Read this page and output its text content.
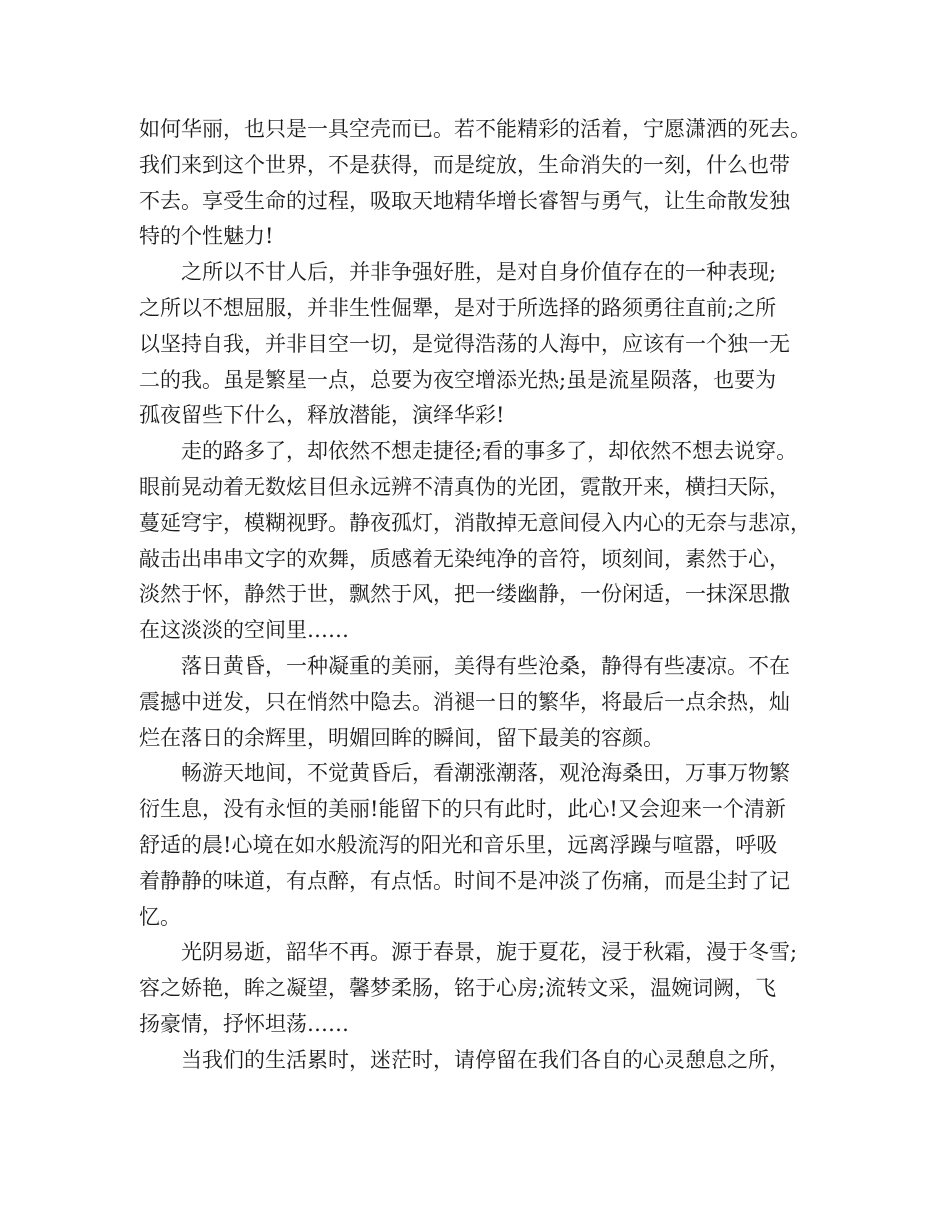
如何华丽，也只是一具空壳而已。若不能精彩的活着，宁愿潇洒的死去。
我们来到这个世界，不是获得，而是绽放，生命消失的一刻，什么也带
不去。享受生命的过程，吸取天地精华增长睿智与勇气，让生命散发独
特的个性魅力!
之所以不甘人后，并非争强好胜，是对自身价值存在的一种表现;
之所以不想屈服，并非生性倔犟，是对于所选择的路须勇往直前;之所
以坚持自我，并非目空一切，是觉得浩荡的人海中，应该有一个独一无
二的我。虽是繁星一点，总要为夜空增添光热;虽是流星陨落，也要为
孤夜留些下什么，释放潜能，演绎华彩!
走的路多了，却依然不想走捷径;看的事多了，却依然不想去说穿。
眼前晃动着无数炫目但永远辨不清真伪的光团，霓散开来，横扫天际，
蔓延穹宇，模糊视野。静夜孤灯，消散掉无意间侵入内心的无奈与悲凉，
敲击出串串文字的欢舞，质感着无染纯净的音符，顷刻间，素然于心，
淡然于怀，静然于世，飘然于风，把一缕幽静，一份闲适，一抹深思撒
在这淡淡的空间里……
落日黄昏，一种凝重的美丽，美得有些沧桑，静得有些凄凉。不在
震撼中迸发，只在悄然中隐去。消褪一日的繁华，将最后一点余热，灿
烂在落日的余辉里，明媚回眸的瞬间，留下最美的容颜。
畅游天地间，不觉黄昏后，看潮涨潮落，观沧海桑田，万事万物繁
衍生息，没有永恒的美丽!能留下的只有此时，此心!又会迎来一个清新
舒适的晨!心境在如水般流泻的阳光和音乐里，远离浮躁与喧嚣，呼吸
着静静的味道，有点醉，有点恬。时间不是冲淡了伤痛，而是尘封了记
忆。
光阴易逝，韶华不再。源于春景，旎于夏花，浸于秋霜，漫于冬雪;
容之娇艳，眸之凝望，馨梦柔肠，铭于心房;流转文采，温婉词阙，飞
扬豪情，抒怀坦荡……
当我们的生活累时，迷茫时，请停留在我们各自的心灵憩息之所，
